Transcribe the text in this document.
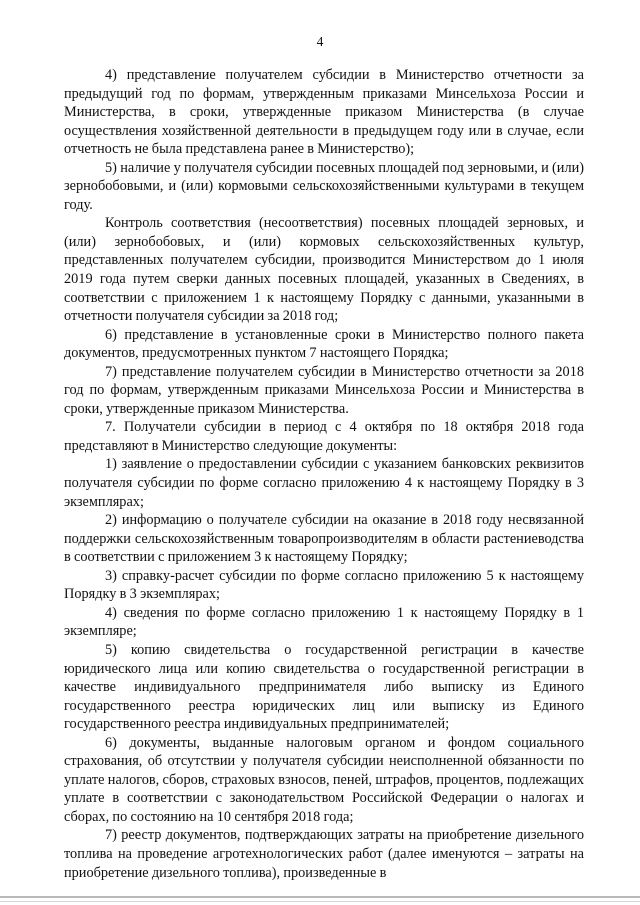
4

4) представление получателем субсидии в Министерство отчетности за предыдущий год по формам, утвержденным приказами Минсельхоза России и Министерства, в сроки, утвержденные приказом Министерства (в случае осуществления хозяйственной деятельности в предыдущем году или в случае, если отчетность не была представлена ранее в Министерство);

5) наличие у получателя субсидии посевных площадей под зерновыми, и (или) зернобобовыми, и (или) кормовыми сельскохозяйственными культурами в текущем году.

Контроль соответствия (несоответствия) посевных площадей зерновых, и (или) зернобобовых, и (или) кормовых сельскохозяйственных культур, представленных получателем субсидии, производится Министерством до 1 июля 2019 года путем сверки данных посевных площадей, указанных в Сведениях, в соответствии с приложением 1 к настоящему Порядку с данными, указанными в отчетности получателя субсидии за 2018 год;

6) представление в установленные сроки в Министерство полного пакета документов, предусмотренных пунктом 7 настоящего Порядка;

7) представление получателем субсидии в Министерство отчетности за 2018 год по формам, утвержденным приказами Минсельхоза России и Министерства в сроки, утвержденные приказом Министерства.

7. Получатели субсидии в период с 4 октября по 18 октября 2018 года представляют в Министерство следующие документы:

1) заявление о предоставлении субсидии с указанием банковских реквизитов получателя субсидии по форме согласно приложению 4 к настоящему Порядку в 3 экземплярах;

2) информацию о получателе субсидии на оказание в 2018 году несвязанной поддержки сельскохозяйственным товаропроизводителям в области растениеводства в соответствии с приложением 3 к настоящему Порядку;

3) справку-расчет субсидии по форме согласно приложению 5 к настоящему Порядку в 3 экземплярах;

4) сведения по форме согласно приложению 1 к настоящему Порядку в 1 экземпляре;

5) копию свидетельства о государственной регистрации в качестве юридического лица или копию свидетельства о государственной регистрации в качестве индивидуального предпринимателя либо выписку из Единого государственного реестра юридических лиц или выписку из Единого государственного реестра индивидуальных предпринимателей;

6) документы, выданные налоговым органом и фондом социального страхования, об отсутствии у получателя субсидии неисполненной обязанности по уплате налогов, сборов, страховых взносов, пеней, штрафов, процентов, подлежащих уплате в соответствии с законодательством Российской Федерации о налогах и сборах, по состоянию на 10 сентября 2018 года;

7) реестр документов, подтверждающих затраты на приобретение дизельного топлива на проведение агротехнологических работ (далее именуются – затраты на приобретение дизельного топлива), произведенные в
